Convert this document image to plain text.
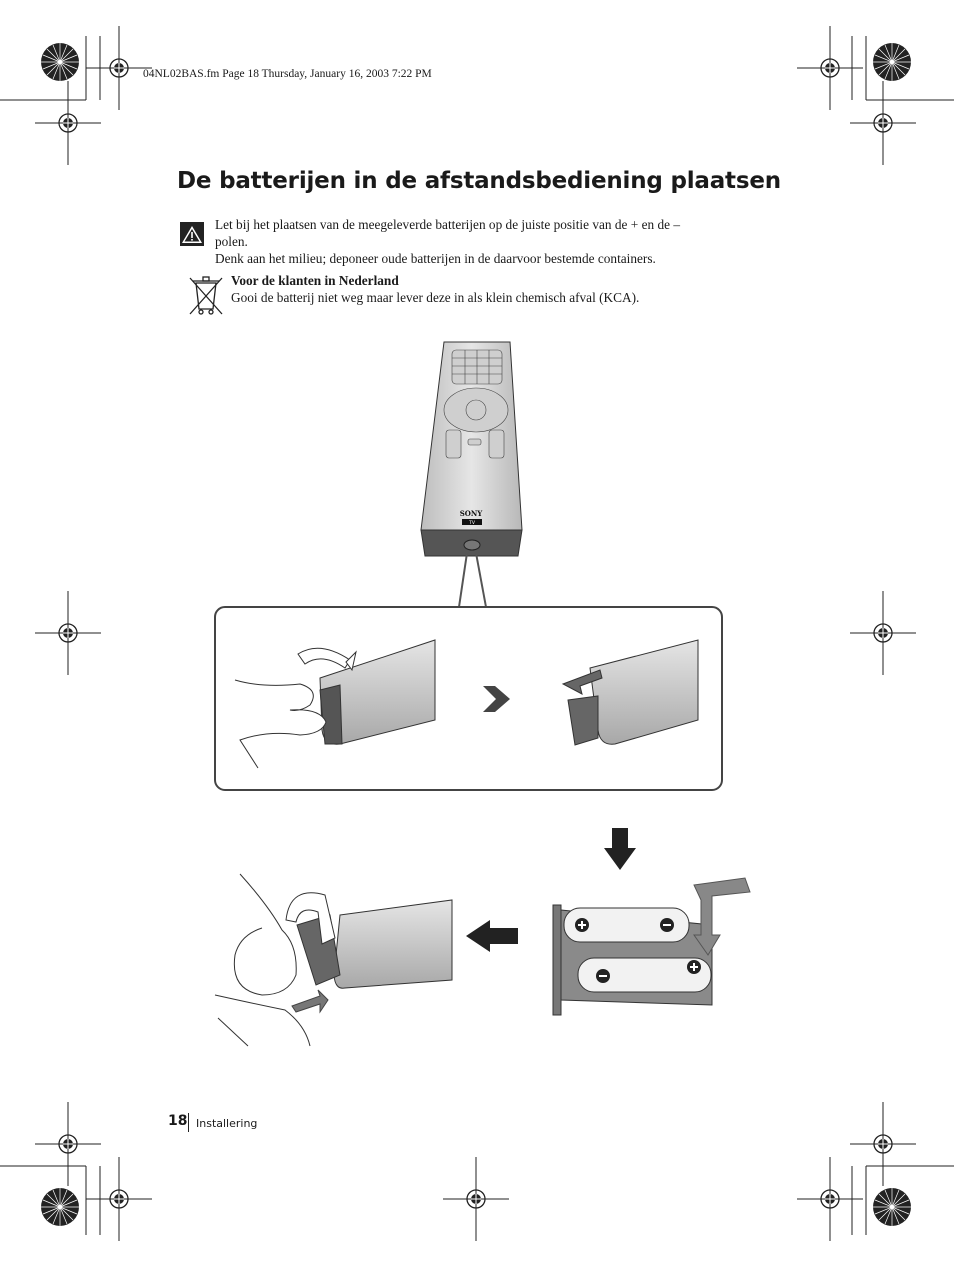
04NL02BAS.fm Page 18 Thursday, January 16, 2003 7:22 PM
De batterijen in de afstandsbediening plaatsen
Let bij het plaatsen van de meegeleverde batterijen op de juiste positie van de + en de –
polen.
Denk aan het milieu; deponeer oude batterijen in de daarvoor bestemde containers.
Voor de klanten in Nederland
Gooi de batterij niet weg maar lever deze in als klein chemisch afval (KCA).
SONY
TV
18 Installering
